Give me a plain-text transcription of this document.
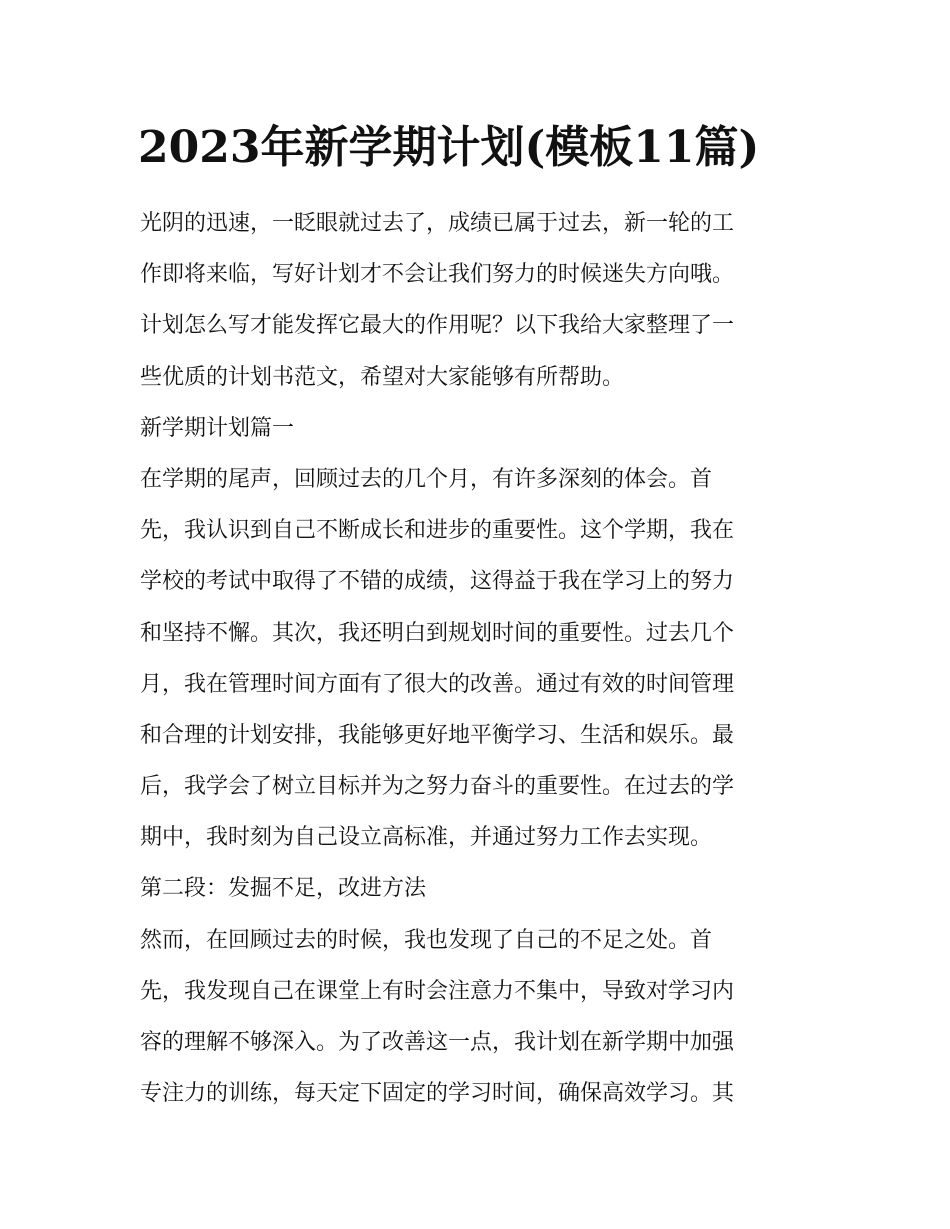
2023年新学期计划(模板11篇)

光阴的迅速，一眨眼就过去了，成绩已属于过去，新一轮的工
作即将来临，写好计划才不会让我们努力的时候迷失方向哦。
计划怎么写才能发挥它最大的作用呢？以下我给大家整理了一
些优质的计划书范文，希望对大家能够有所帮助。

新学期计划篇一

在学期的尾声，回顾过去的几个月，有许多深刻的体会。首
先，我认识到自己不断成长和进步的重要性。这个学期，我在
学校的考试中取得了不错的成绩，这得益于我在学习上的努力
和坚持不懈。其次，我还明白到规划时间的重要性。过去几个
月，我在管理时间方面有了很大的改善。通过有效的时间管理
和合理的计划安排，我能够更好地平衡学习、生活和娱乐。最
后，我学会了树立目标并为之努力奋斗的重要性。在过去的学
期中，我时刻为自己设立高标准，并通过努力工作去实现。

第二段：发掘不足，改进方法

然而，在回顾过去的时候，我也发现了自己的不足之处。首
先，我发现自己在课堂上有时会注意力不集中，导致对学习内
容的理解不够深入。为了改善这一点，我计划在新学期中加强
专注力的训练，每天定下固定的学习时间，确保高效学习。其
